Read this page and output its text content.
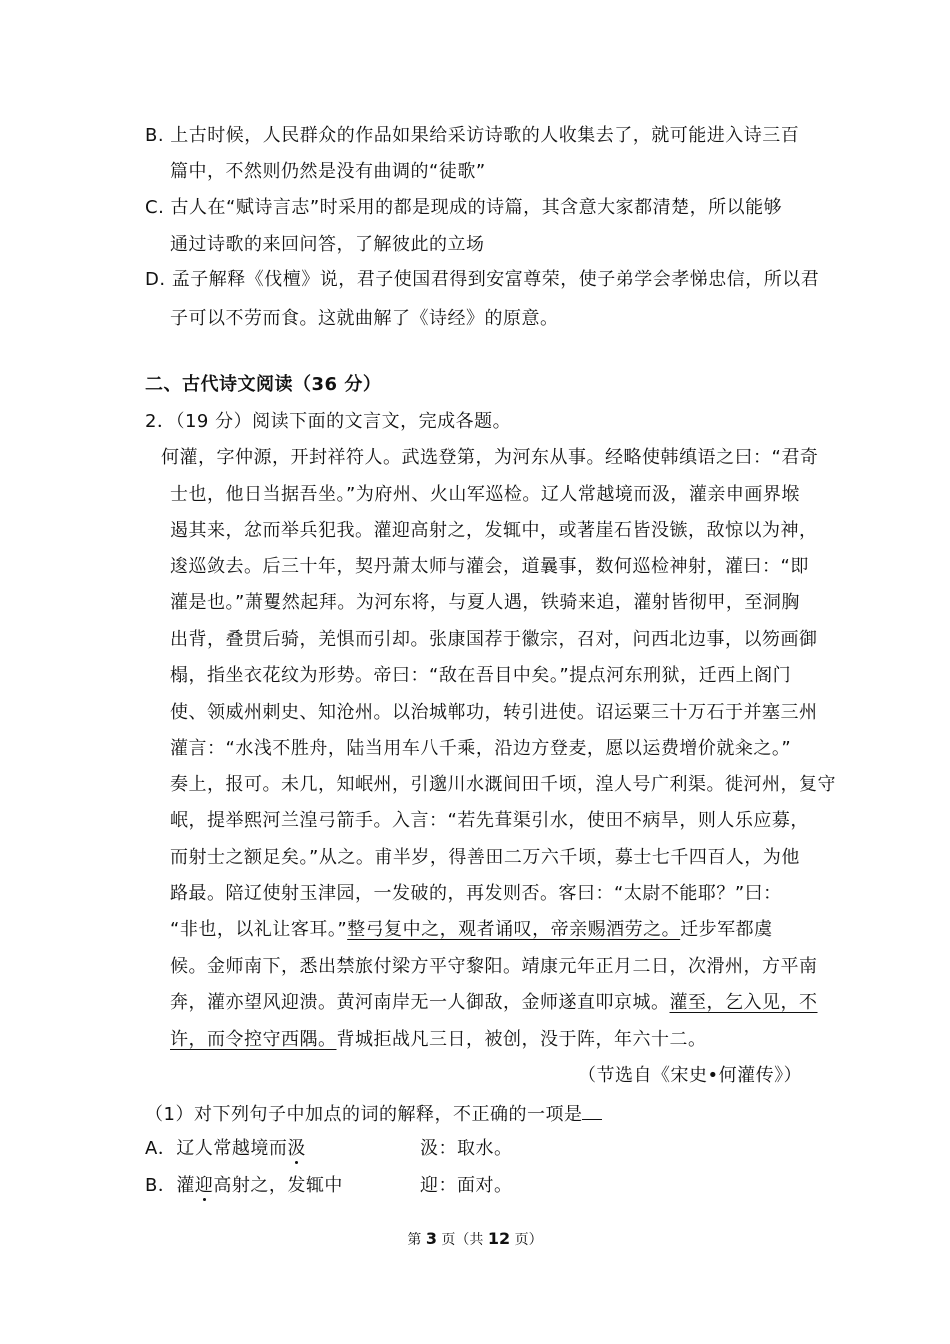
B. 上古时候，人民群众的作品如果给采访诗歌的人收集去了，就可能进入诗三百
篇中，不然则仍然是没有曲调的“徒歌”
C. 古人在“赋诗言志”时采用的都是现成的诗篇，其含意大家都清楚，所以能够
通过诗歌的来回问答，了解彼此的立场
D. 孟子解释《伐檀》说，君子使国君得到安富尊荣，使子弟学会孝悌忠信，所以君
子可以不劳而食。这就曲解了《诗经》的原意。
二、古代诗文阅读（36 分）
2．（19 分）阅读下面的文言文，完成各题。
何灌，字仲源，开封祥符人。武选登第，为河东从事。经略使韩缜语之曰：“君奇
士也，他日当据吾坐。”为府州、火山军巡检。辽人常越境而汲，灌亲申画界堠
遏其来，忿而举兵犯我。灌迎高射之，发辄中，或著崖石皆没镞，敌惊以为神，
逡巡敛去。后三十年，契丹萧太师与灌会，道曩事，数何巡检神射，灌曰：“即
灌是也。”萧矍然起拜。为河东将，与夏人遇，铁骑来追，灌射皆彻甲，至洞胸
出背，叠贯后骑，羌惧而引却。张康国荐于徽宗，召对，问西北边事，以笏画御
榻，指坐衣花纹为形势。帝曰：“敌在吾目中矣。”提点河东刑狱，迁西上阁门
使、领威州刺史、知沧州。以治城郸功，转引进使。诏运粟三十万石于并塞三州
灌言：“水浅不胜舟，陆当用车八千乘，沿边方登麦，愿以运费增价就籴之。”
奏上，报可。未几，知岷州，引邈川水溉间田千顷，湟人号广利渠。徙河州，复守
岷，提举熙河兰湟弓箭手。入言：“若先葺渠引水，使田不病旱，则人乐应募，
而射士之额足矣。”从之。甫半岁，得善田二万六千顷，募士七千四百人，为他
路最。陪辽使射玉津园，一发破的，再发则否。客曰：“太尉不能耶？”曰：
“非也，以礼让客耳。”整弓复中之，观者诵叹，帝亲赐酒劳之。迁步军都虞
候。金师南下，悉出禁旅付梁方平守黎阳。靖康元年正月二日，次滑州，方平南
奔，灌亦望风迎溃。黄河南岸无一人御敌，金师遂直叩京城。灌至，乞入见，不
许，而令控守西隅。背城拒战凡三日，被创，没于阵，年六十二。
（节选自《宋史•何灌传》）
（1）对下列句子中加点的词的解释，不正确的一项是
A．辽人常越境而汲	汲：取水。
B．灌迎高射之，发辄中	迎：面对。
第 3 页（共 12 页）
